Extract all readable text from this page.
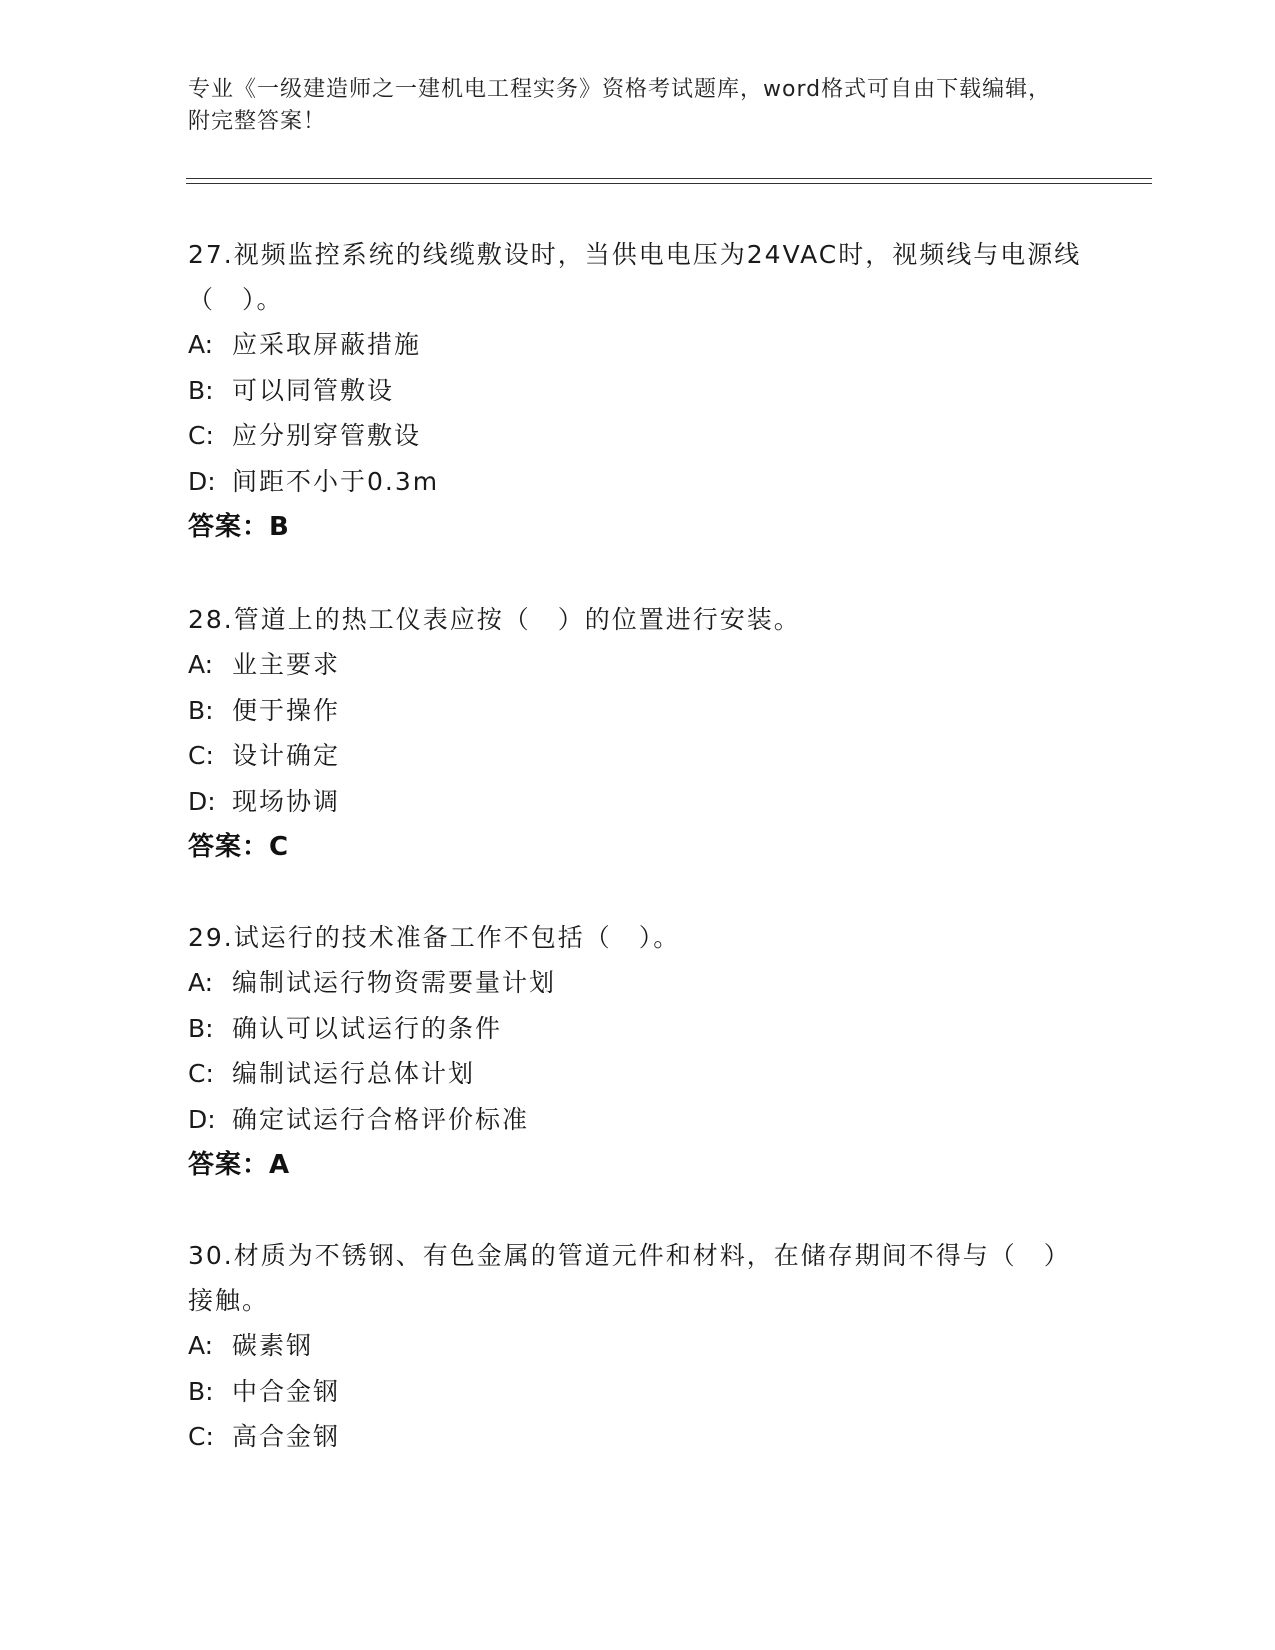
专业《一级建造师之一建机电工程实务》资格考试题库，word格式可自由下载编辑，附完整答案！

27.视频监控系统的线缆敷设时，当供电电压为24VAC时，视频线与电源线（　）。

A: 应采取屏蔽措施
B: 可以同管敷设
C: 应分别穿管敷设
D: 间距不小于0.3m
答案：B

28.管道上的热工仪表应按（　）的位置进行安装。

A: 业主要求
B: 便于操作
C: 设计确定
D: 现场协调
答案：C

29.试运行的技术准备工作不包括（　）。

A: 编制试运行物资需要量计划
B: 确认可以试运行的条件
C: 编制试运行总体计划
D: 确定试运行合格评价标准
答案：A

30.材质为不锈钢、有色金属的管道元件和材料，在储存期间不得与（　）接触。

A: 碳素钢
B: 中合金钢
C: 高合金钢
